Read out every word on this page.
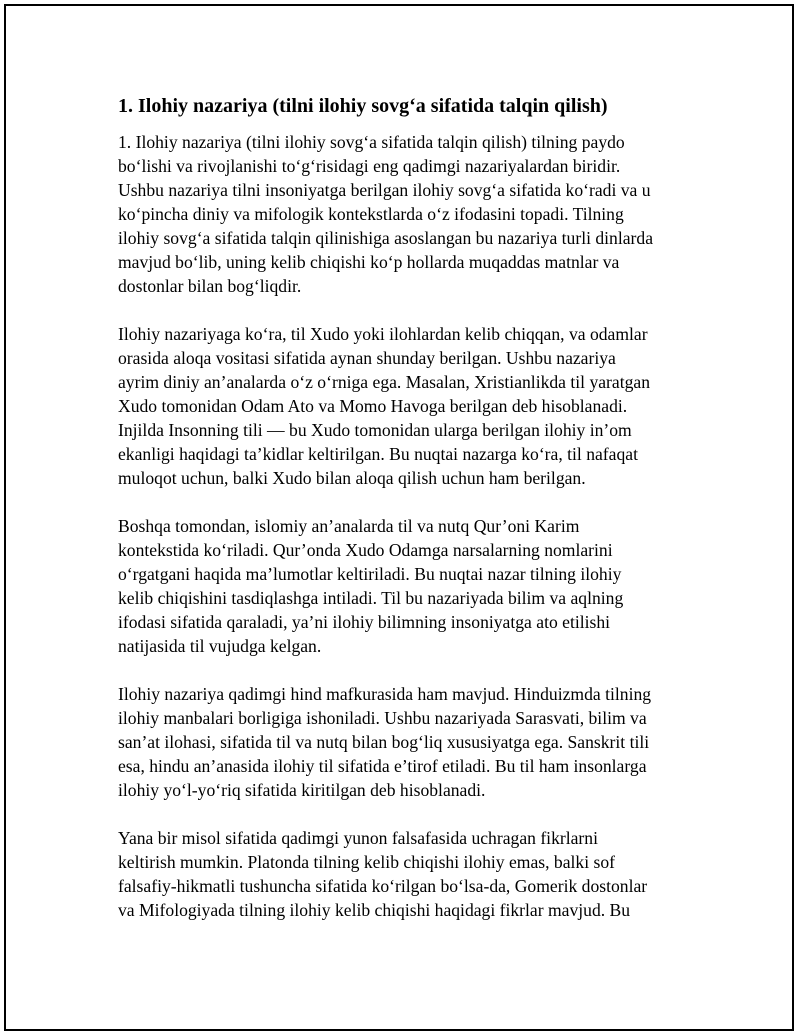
1. Ilohiy nazariya (tilni ilohiy sovg‘a sifatida talqin qilish)

1. Ilohiy nazariya (tilni ilohiy sovg‘a sifatida talqin qilish) tilning paydo
bo‘lishi va rivojlanishi to‘g‘risidagi eng qadimgi nazariyalardan biridir.
Ushbu nazariya tilni insoniyatga berilgan ilohiy sovg‘a sifatida ko‘radi va u
ko‘pincha diniy va mifologik kontekstlarda o‘z ifodasini topadi. Tilning
ilohiy sovg‘a sifatida talqin qilinishiga asoslangan bu nazariya turli dinlarda
mavjud bo‘lib, uning kelib chiqishi ko‘p hollarda muqaddas matnlar va
dostonlar bilan bog‘liqdir.

Ilohiy nazariyaga ko‘ra, til Xudo yoki ilohlardan kelib chiqqan, va odamlar
orasida aloqa vositasi sifatida aynan shunday berilgan. Ushbu nazariya
ayrim diniy an’analarda o‘z o‘rniga ega. Masalan, Xristianlikda til yaratgan
Xudo tomonidan Odam Ato va Momo Havoga berilgan deb hisoblanadi.
Injilda Insonning tili — bu Xudo tomonidan ularga berilgan ilohiy in’om
ekanligi haqidagi ta’kidlar keltirilgan. Bu nuqtai nazarga ko‘ra, til nafaqat
muloqot uchun, balki Xudo bilan aloqa qilish uchun ham berilgan.

Boshqa tomondan, islomiy an’analarda til va nutq Qur’oni Karim
kontekstida ko‘riladi. Qur’onda Xudo Odamga narsalarning nomlarini
o‘rgatgani haqida ma’lumotlar keltiriladi. Bu nuqtai nazar tilning ilohiy
kelib chiqishini tasdiqlashga intiladi. Til bu nazariyada bilim va aqlning
ifodasi sifatida qaraladi, ya’ni ilohiy bilimning insoniyatga ato etilishi
natijasida til vujudga kelgan.

Ilohiy nazariya qadimgi hind mafkurasida ham mavjud. Hinduizmda tilning
ilohiy manbalari borligiga ishoniladi. Ushbu nazariyada Sarasvati, bilim va
san’at ilohasi, sifatida til va nutq bilan bog‘liq xususiyatga ega. Sanskrit tili
esa, hindu an’anasida ilohiy til sifatida e’tirof etiladi. Bu til ham insonlarga
ilohiy yo‘l-yo‘riq sifatida kiritilgan deb hisoblanadi.

Yana bir misol sifatida qadimgi yunon falsafasida uchragan fikrlarni
keltirish mumkin. Platonda tilning kelib chiqishi ilohiy emas, balki sof
falsafiy-hikmatli tushuncha sifatida ko‘rilgan bo‘lsa-da, Gomerik dostonlar
va Mifologiyada tilning ilohiy kelib chiqishi haqidagi fikrlar mavjud. Bu
